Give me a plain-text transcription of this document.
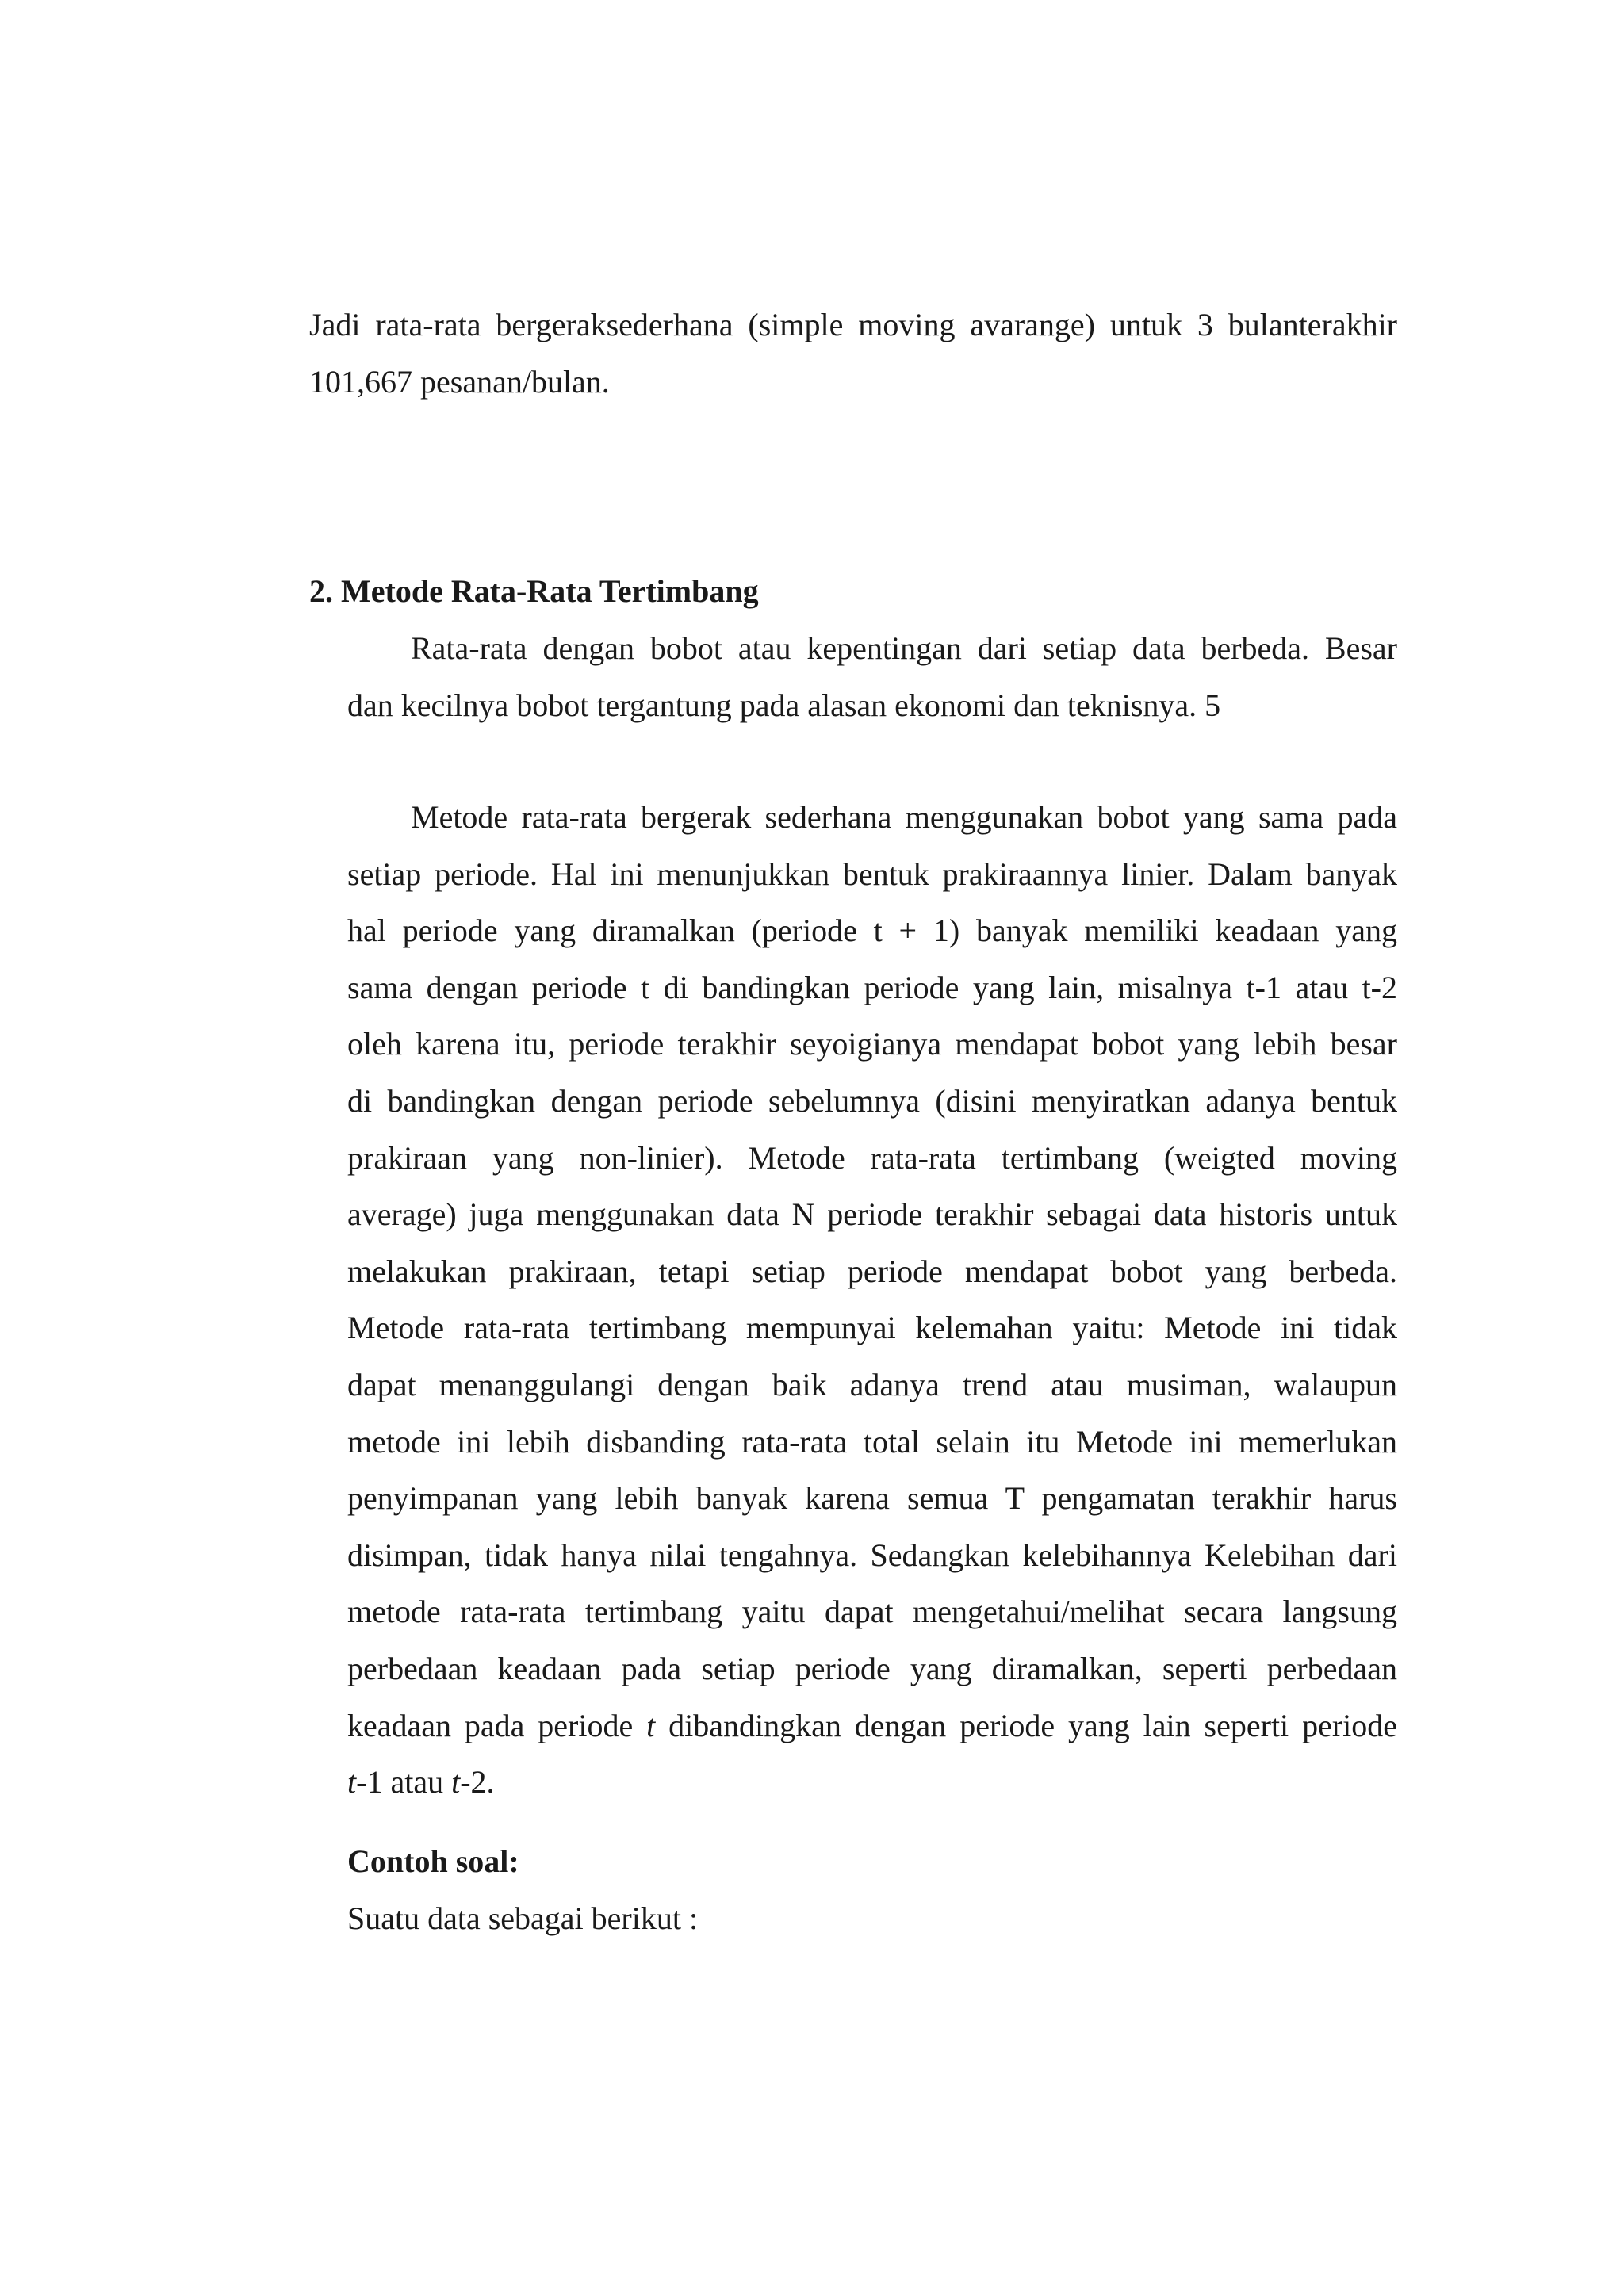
Jadi rata-rata bergeraksederhana (simple moving avarange) untuk 3 bulanterakhir
101,667 pesanan/bulan.

2. Metode Rata-Rata Tertimbang

Rata-rata dengan bobot atau kepentingan dari setiap data berbeda. Besar
dan kecilnya bobot tergantung pada alasan ekonomi dan teknisnya. 5

Metode rata-rata bergerak sederhana menggunakan bobot yang sama pada
setiap periode. Hal ini menunjukkan bentuk prakiraannya linier. Dalam banyak
hal periode yang diramalkan (periode t + 1) banyak memiliki keadaan yang
sama dengan periode t di bandingkan periode yang lain, misalnya t-1 atau t-2
oleh karena itu, periode terakhir seyoigianya mendapat bobot yang lebih besar
di bandingkan dengan periode sebelumnya (disini menyiratkan adanya bentuk
prakiraan yang non-linier). Metode rata-rata tertimbang (weigted moving
average) juga menggunakan data N periode terakhir sebagai data historis untuk
melakukan prakiraan, tetapi setiap periode mendapat bobot yang berbeda.
Metode rata-rata tertimbang mempunyai kelemahan yaitu: Metode ini tidak
dapat menanggulangi dengan baik adanya trend atau musiman, walaupun
metode ini lebih disbanding rata-rata total selain itu Metode ini memerlukan
penyimpanan yang lebih banyak karena semua T pengamatan terakhir harus
disimpan, tidak hanya nilai tengahnya. Sedangkan kelebihannya Kelebihan dari
metode rata-rata tertimbang yaitu dapat mengetahui/melihat secara langsung
perbedaan keadaan pada setiap periode yang diramalkan, seperti perbedaan
keadaan pada periode t dibandingkan dengan periode yang lain seperti periode
t-1 atau t-2.

Contoh soal:

Suatu data sebagai berikut :
